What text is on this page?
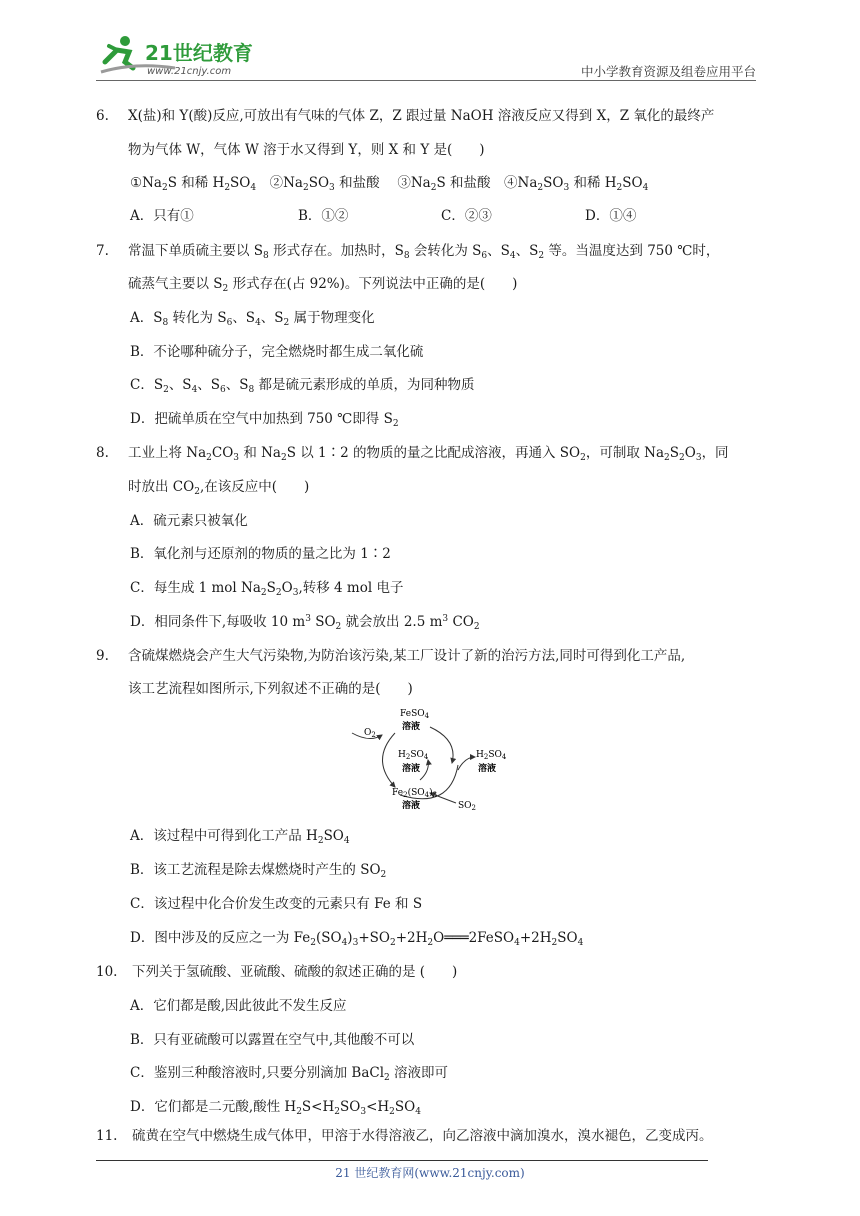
21世纪教育
www.21cnjy.com	中小学教育资源及组卷应用平台
6. X(盐)和 Y(酸)反应,可放出有气味的气体 Z，Z 跟过量 NaOH 溶液反应又得到 X，Z 氧化的最终产
物为气体 W，气体 W 溶于水又得到 Y，则 X 和 Y 是(　　)
$①Na_2S$ 和稀 $H_2SO_4$　$②Na_2SO_3$ 和盐酸　 $③Na_2S$ 和盐酸　$④Na_2SO_3$ 和稀 $H_2SO_4$
A．只有①	B．①②	C．②③	D．①④
7. 常温下单质硫主要以 $S_8$ 形式存在。加热时，$S_8$ 会转化为 $S_6$、$S_4$、$S_2$ 等。当温度达到 750 ℃时，
硫蒸气主要以 $S_2$ 形式存在(占 92%)。下列说法中正确的是(　　)
A．$S_8$ 转化为 $S_6$、$S_4$、$S_2$ 属于物理变化
B．不论哪种硫分子，完全燃烧时都生成二氧化硫
C．$S_2$、$S_4$、$S_6$、$S_8$ 都是硫元素形成的单质，为同种物质
D．把硫单质在空气中加热到 750 ℃即得 $S_2$
8. 工业上将 $Na_2CO_3$ 和 $Na_2S$ 以 1∶2 的物质的量之比配成溶液，再通入 $SO_2$，可制取 $Na_2S_2O_3$，同
时放出 $CO_2$,在该反应中(　　)
A．硫元素只被氧化
B．氧化剂与还原剂的物质的量之比为 1∶2
C．每生成 1 mol $Na_2S_2O_3$,转移 4 mol 电子
D．相同条件下,每吸收 10 $m^3$ $SO_2$ 就会放出 2.5 $m^3$ $CO_2$
9. 含硫煤燃烧会产生大气污染物,为防治该污染,某工厂设计了新的治污方法,同时可得到化工产品,
该工艺流程如图所示,下列叙述不正确的是(　　)
FeSO$_4$
溶液
$O_2$
$H_2SO_4$
溶液
$H_2SO_4$
溶液
$Fe_2(SO_4)_3$
溶液	$SO_2$
A．该过程中可得到化工产品 $H_2SO_4$
B．该工艺流程是除去煤燃烧时产生的 $SO_2$
C．该过程中化合价发生改变的元素只有 Fe 和 S
D．图中涉及的反应之一为 $Fe_2(SO_4)_3+SO_2+2H_2O═══2FeSO_4+2H_2SO_4$
10. 下列关于氢硫酸、亚硫酸、硫酸的叙述正确的是 (　　)
A．它们都是酸,因此彼此不发生反应
B．只有亚硫酸可以露置在空气中,其他酸不可以
C．鉴别三种酸溶液时,只要分别滴加 BaCl$_2$ 溶液即可
D．它们都是二元酸,酸性 $H_2S<H_2SO_3<H_2SO_4$
11. 硫黄在空气中燃烧生成气体甲，甲溶于水得溶液乙，向乙溶液中滴加溴水，溴水褪色，乙变成丙。
21 世纪教育网(www.21cnjy.com)
